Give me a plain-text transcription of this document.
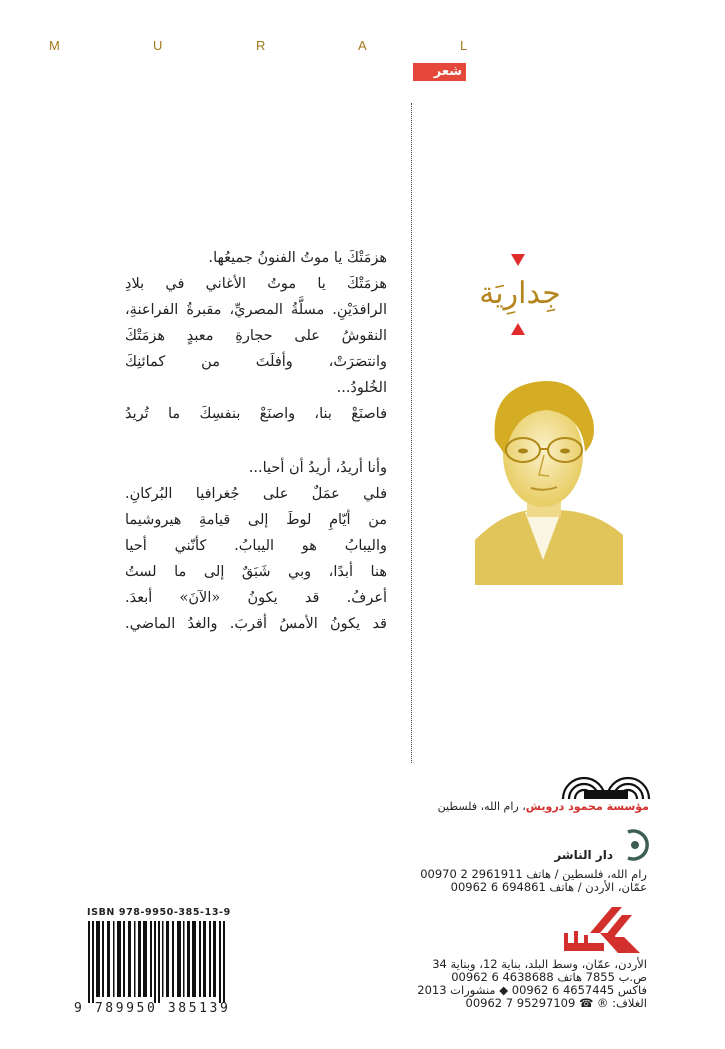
M	U	R	A	L
شعر
جِدارِيَة
هزمَتْكَ يا موتُ الفنونُ جميعُها.
هزمَتْكَ يا موتُ الأغاني في بلادِ
الرافدَيْنِ. مسلَّةُ المصريِّ، مقبرةُ الفراعنةِ،
النقوشُ على حجارةِ معبدٍ هزمَتْكَ
وانتصَرَتْ، وأفلَتَ من كمائنِكَ
الخُلودُ...
فاصنَعْ بنا، واصنَعْ بنفسِكَ ما تُريدُ
وأنا أريدُ، أريدُ أن أحيا...
فلي عمَلٌ على جُغرافيا البُركانِ.
من أيّامِ لوطَ إلى قيامةِ هيروشيما
واليبابُ هو اليبابُ. كأنّني أحيا
هنا أبدًا، وبي شَبَقٌ إلى ما لستُ
أعرفُ. قد يكونُ «الآنَ» أبعدَ.
قد يكونُ الأمسُ أقربَ. والغدُ الماضي.
مؤسسة محمود درويش، رام الله، فلسطين
دار الناشر
رام الله، فلسطين / هاتف 2961911 2 00970
عمّان، الأردن / هاتف 694861 6 00962
الأردن، عمّان، وسط البلد، بناية 12، وبناية 34
ص.ب 7855 هاتف 4638688 6 00962
فاكس 4657445 6 00962 ◆ منشورات 2013
الغلاف: ® ☎ 95297109 7 00962
ISBN 978-9950-385-13-9
9 789950 385139
